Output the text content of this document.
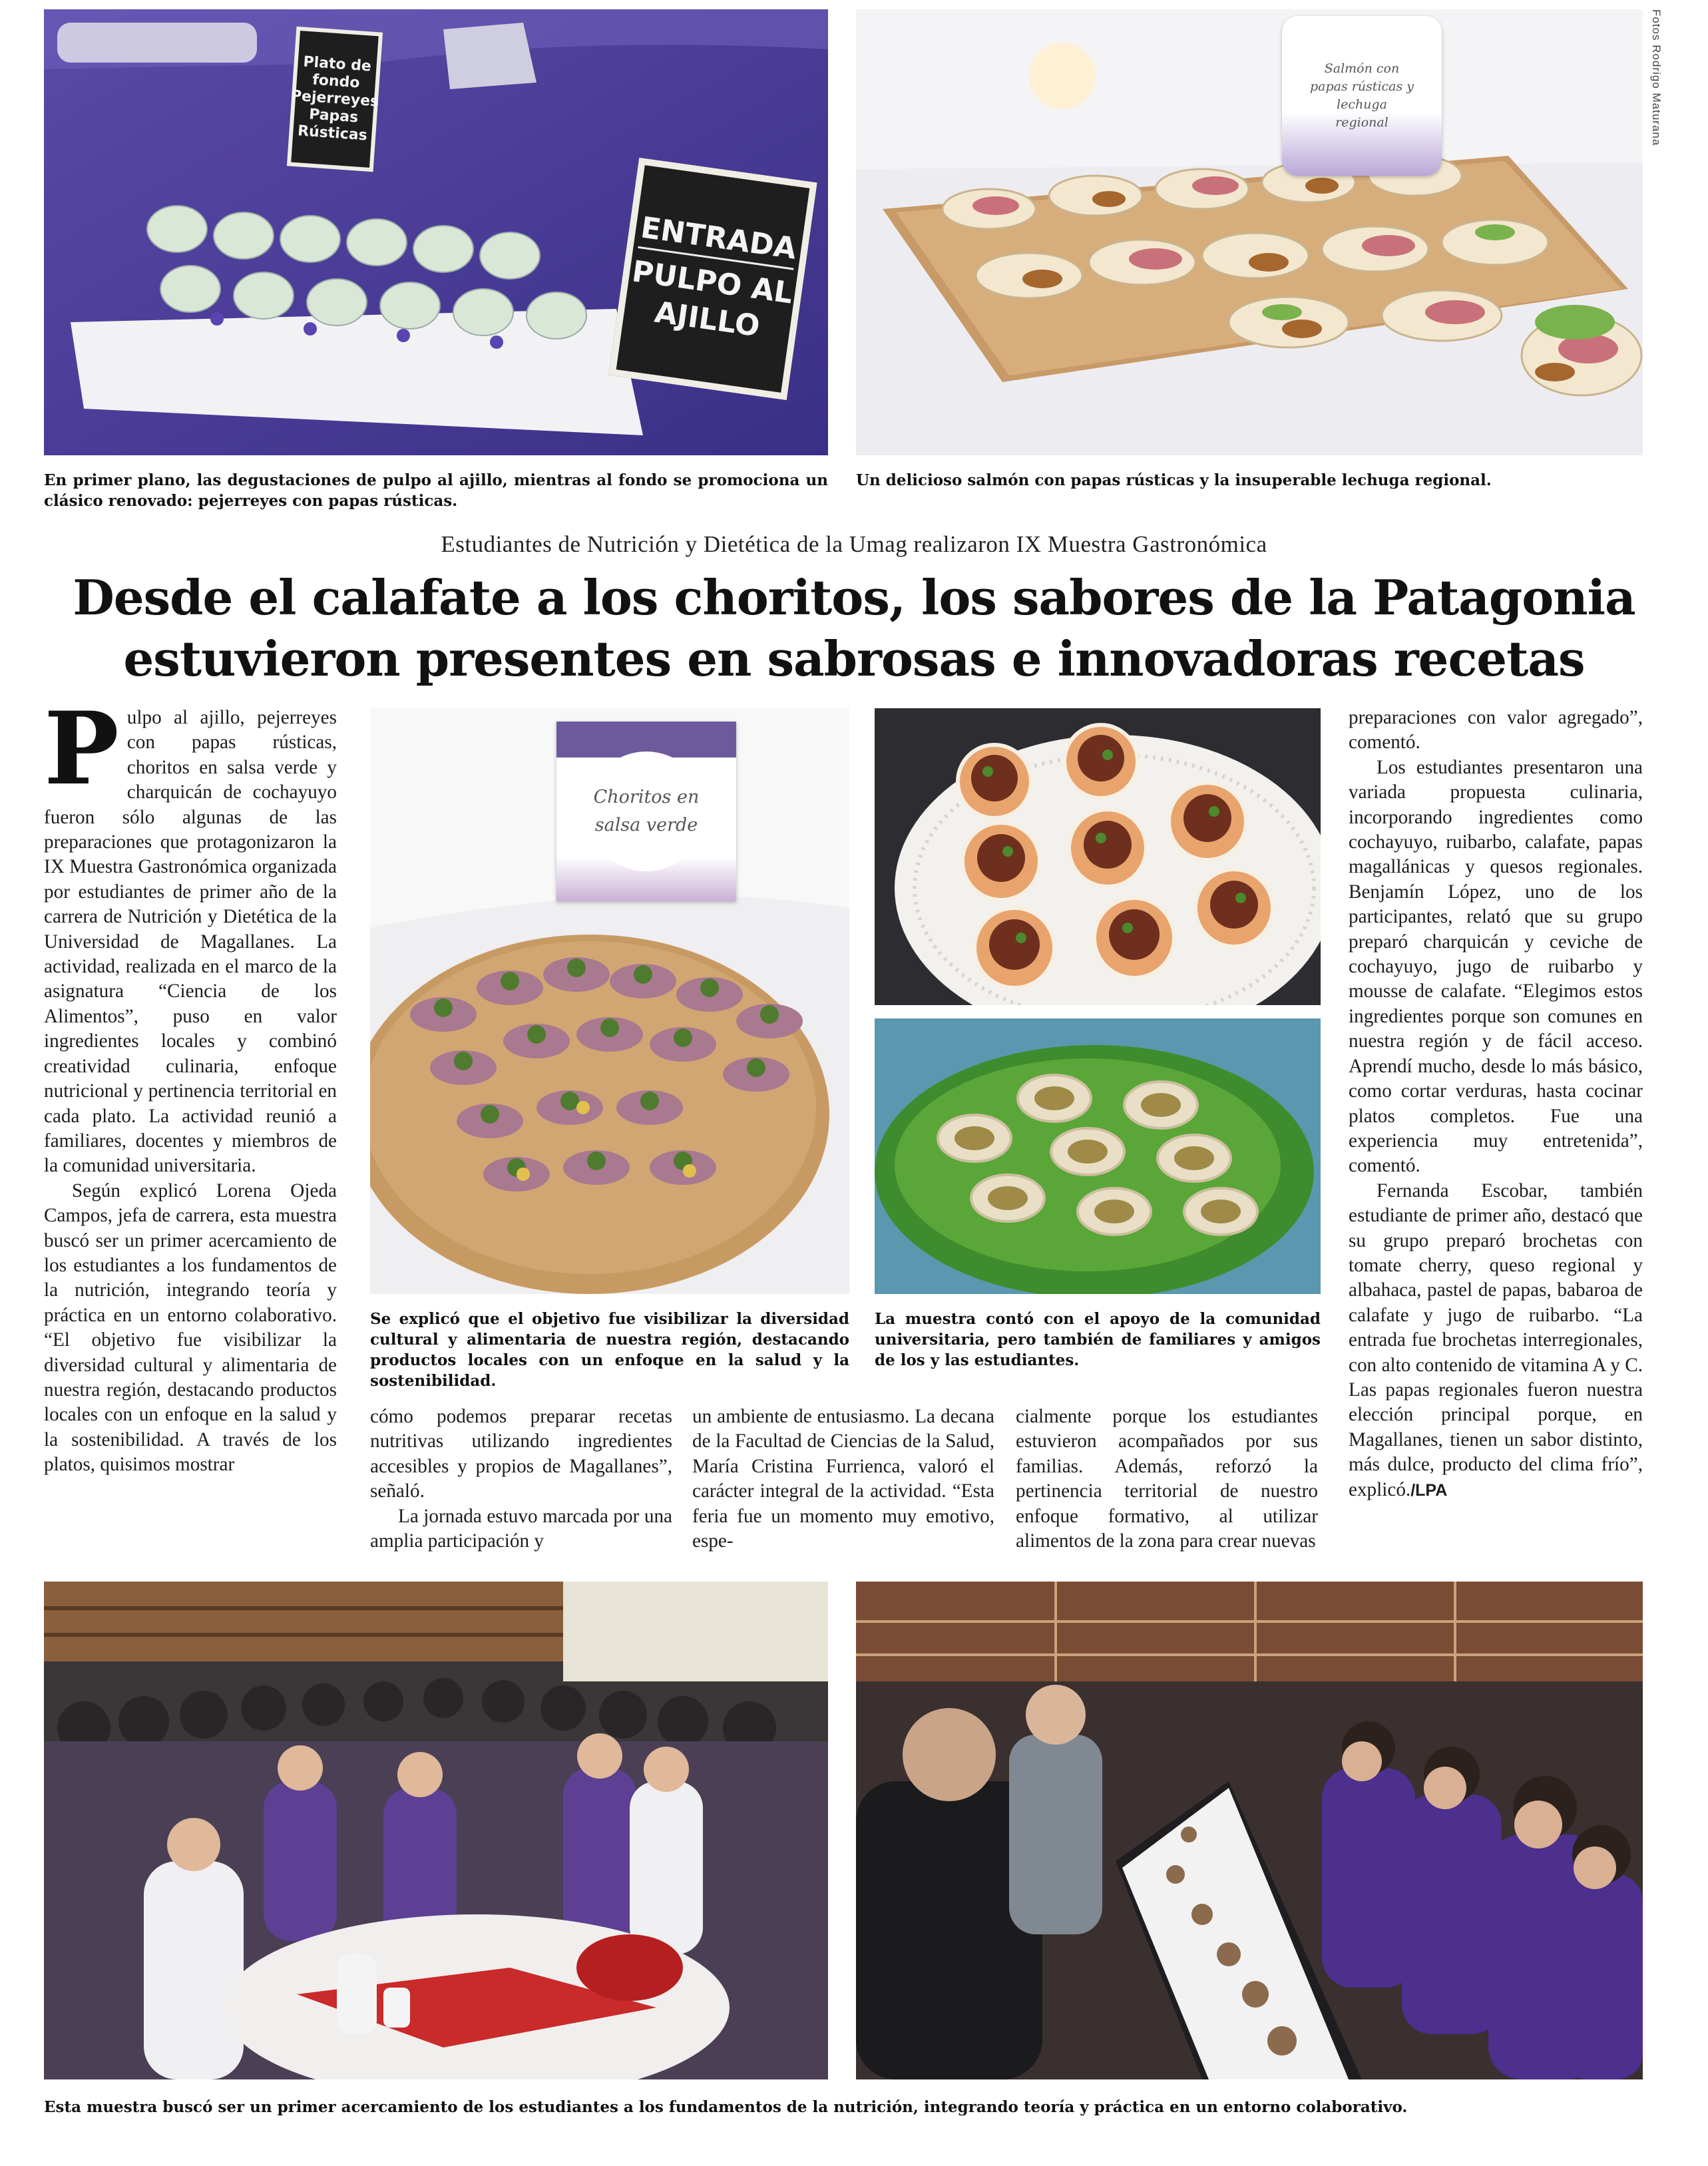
Plato de fondo Pejerreyes Papas Rústicas
ENTRADA
PULPO AL AJILLO
En primer plano, las degustaciones de pulpo al ajillo, mientras al fondo se promociona un clásico renovado: pejerreyes con papas rústicas.
Salmón con papas rústicas y lechuga regional	Fotos Rodrigo Maturana
Un delicioso salmón con papas rústicas y la insuperable lechuga regional.
Estudiantes de Nutrición y Dietética de la Umag realizaron IX Muestra Gastronómica
Desde el calafate a los choritos, los sabores de la Patagonia
estuvieron presentes en sabrosas e innovadoras recetas

Pulpo al ajillo, pejerreyes con papas rústicas, choritos en salsa verde y charquicán de cochayuyo fueron sólo algunas de las preparaciones que protagonizaron la IX Muestra Gastronómica organizada por estudiantes de primer año de la carrera de Nutrición y Dietética de la Universidad de Magallanes. La actividad, realizada en el marco de la asignatura “Ciencia de los Alimentos”, puso en valor ingredientes locales y combinó creatividad culinaria, enfoque nutricional y pertinencia territorial en cada plato. La actividad reunió a familiares, docentes y miembros de la comunidad universitaria.

Según explicó Lorena Ojeda Campos, jefa de carrera, esta muestra buscó ser un primer acercamiento de los estudiantes a los fundamentos de la nutrición, integrando teoría y práctica en un entorno colaborativo. “El objetivo fue visibilizar la diversidad cultural y alimentaria de nuestra región, destacando productos locales con un enfoque en la salud y la sostenibilidad. A través de los platos, quisimos mostrar

Choritos en salsa verde
Se explicó que el objetivo fue visibilizar la diversidad cultural y alimentaria de nuestra región, destacando productos locales con un enfoque en la salud y la sostenibilidad.
La muestra contó con el apoyo de la comunidad universitaria, pero también de familiares y amigos de los y las estudiantes.

cómo podemos preparar recetas nutritivas utilizando ingredientes accesibles y propios de Magallanes”, señaló.

La jornada estuvo marcada por una amplia participación y

un ambiente de entusiasmo. La decana de la Facultad de Ciencias de la Salud, María Cristina Furrienca, valoró el carácter integral de la actividad. “Esta feria fue un momento muy emotivo, espe-

cialmente porque los estudiantes estuvieron acompañados por sus familias. Además, reforzó la pertinencia territorial de nuestro enfoque formativo, al utilizar alimentos de la zona para crear nuevas

preparaciones con valor agregado”, comentó.

Los estudiantes presentaron una variada propuesta culinaria, incorporando ingredientes como cochayuyo, ruibarbo, calafate, papas magallánicas y quesos regionales. Benjamín López, uno de los participantes, relató que su grupo preparó charquicán y ceviche de cochayuyo, jugo de ruibarbo y mousse de calafate. “Elegimos estos ingredientes porque son comunes en nuestra región y de fácil acceso. Aprendí mucho, desde lo más básico, como cortar verduras, hasta cocinar platos completos. Fue una experiencia muy entretenida”, comentó.

Fernanda Escobar, también estudiante de primer año, destacó que su grupo preparó brochetas con tomate cherry, queso regional y albahaca, pastel de papas, babaroa de calafate y jugo de ruibarbo. “La entrada fue brochetas interregionales, con alto contenido de vitamina A y C. Las papas regionales fueron nuestra elección principal porque, en Magallanes, tienen un sabor distinto, más dulce, producto del clima frío”, explicó./LPA

Esta muestra buscó ser un primer acercamiento de los estudiantes a los fundamentos de la nutrición, integrando teoría y práctica en un entorno colaborativo.
